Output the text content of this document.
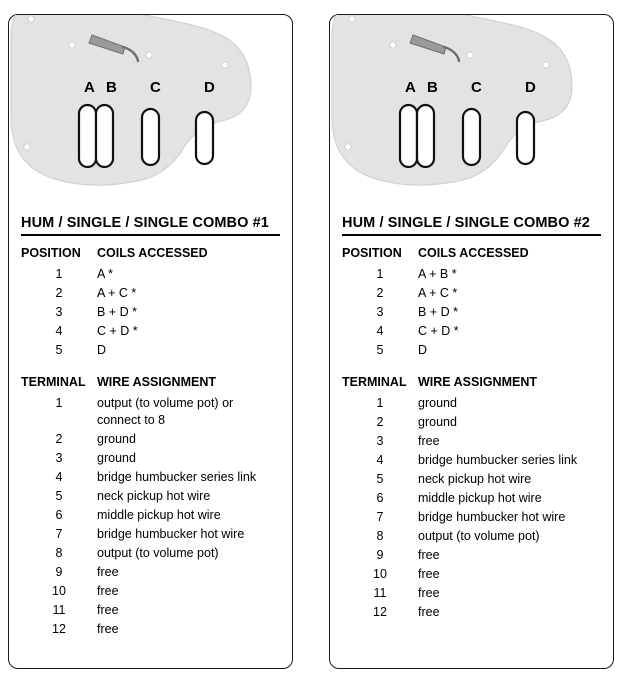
A B C	D
HUM / SINGLE / SINGLE COMBO #1
POSITION	COILS ACCESSED
1	A *
2	A + C *
3	B + D *
4	C + D *
5	D
TERMINAL	WIRE ASSIGNMENT
1	output (to volume pot) or connect to 8
2	ground
3	ground
4	bridge humbucker series link
5	neck pickup hot wire
6	middle pickup hot wire
7	bridge humbucker hot wire
8	output (to volume pot)
9	free
10	free
11	free
12	free
A B C	D
HUM / SINGLE / SINGLE COMBO #2
POSITION	COILS ACCESSED
1	A + B *
2	A + C *
3	B + D *
4	C + D *
5	D
TERMINAL	WIRE ASSIGNMENT
1	ground
2	ground
3	free
4	bridge humbucker series link
5	neck pickup hot wire
6	middle pickup hot wire
7	bridge humbucker hot wire
8	output (to volume pot)
9	free
10	free
11	free
12	free
